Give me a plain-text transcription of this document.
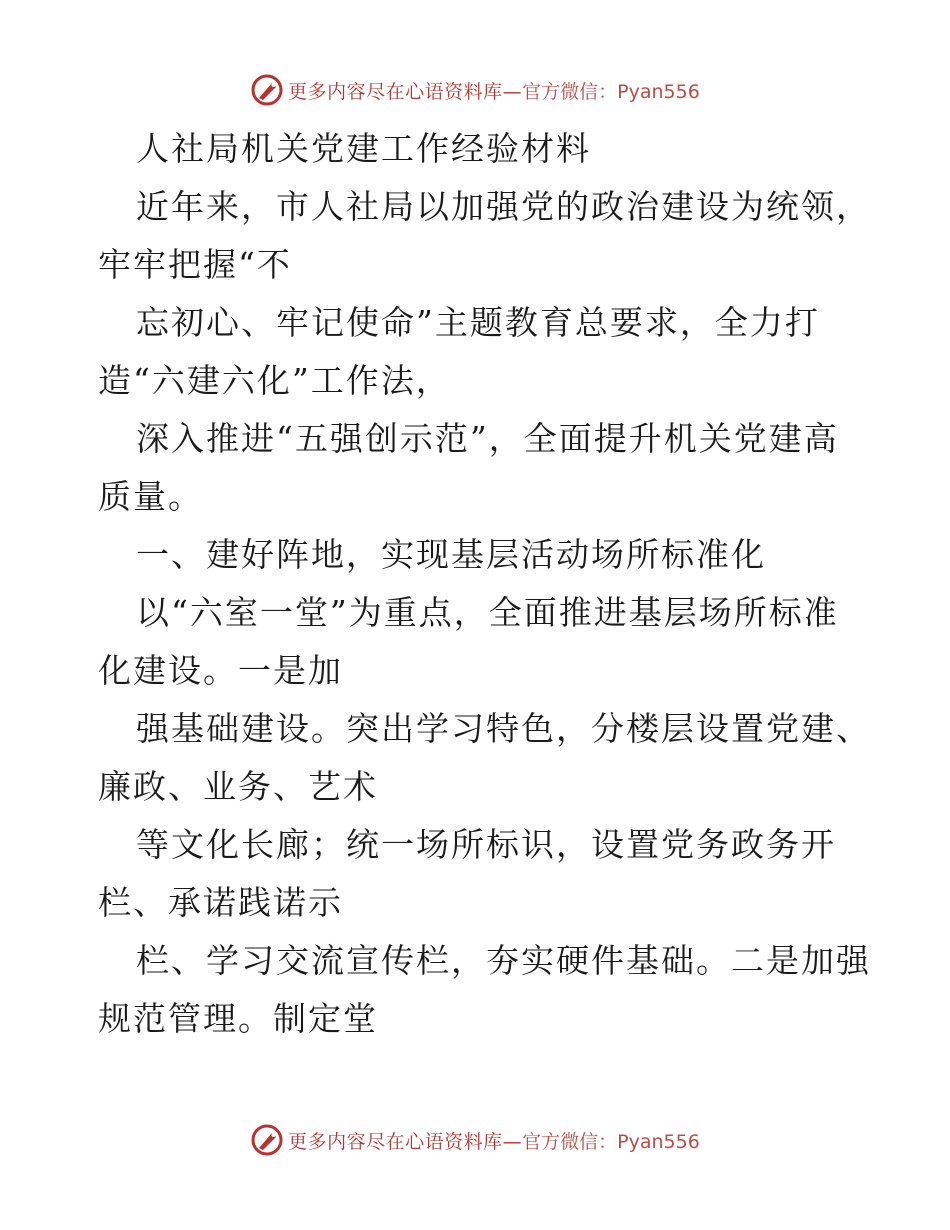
更多内容尽在心语资料库— 官方微信：Pyan556
人社局机关党建工作经验材料
近年来，市人社局以加强党的政治建设为统领，
牢牢把握“不
忘初心、牢记使命”主题教育总要求，全力打
造“六建六化”工作法，
深入推进“五强创示范”，全面提升机关党建高
质量。
一、建好阵地，实现基层活动场所标准化
以“六室一堂”为重点，全面推进基层场所标准
化建设。一是加
强基础建设。突出学习特色，分楼层设置党建、
廉政、业务、艺术
等文化长廊；统一场所标识，设置党务政务开
栏、承诺践诺示
栏、学习交流宣传栏，夯实硬件基础。二是加强
规范管理。制定堂
更多内容尽在心语资料库— 官方微信：Pyan556
